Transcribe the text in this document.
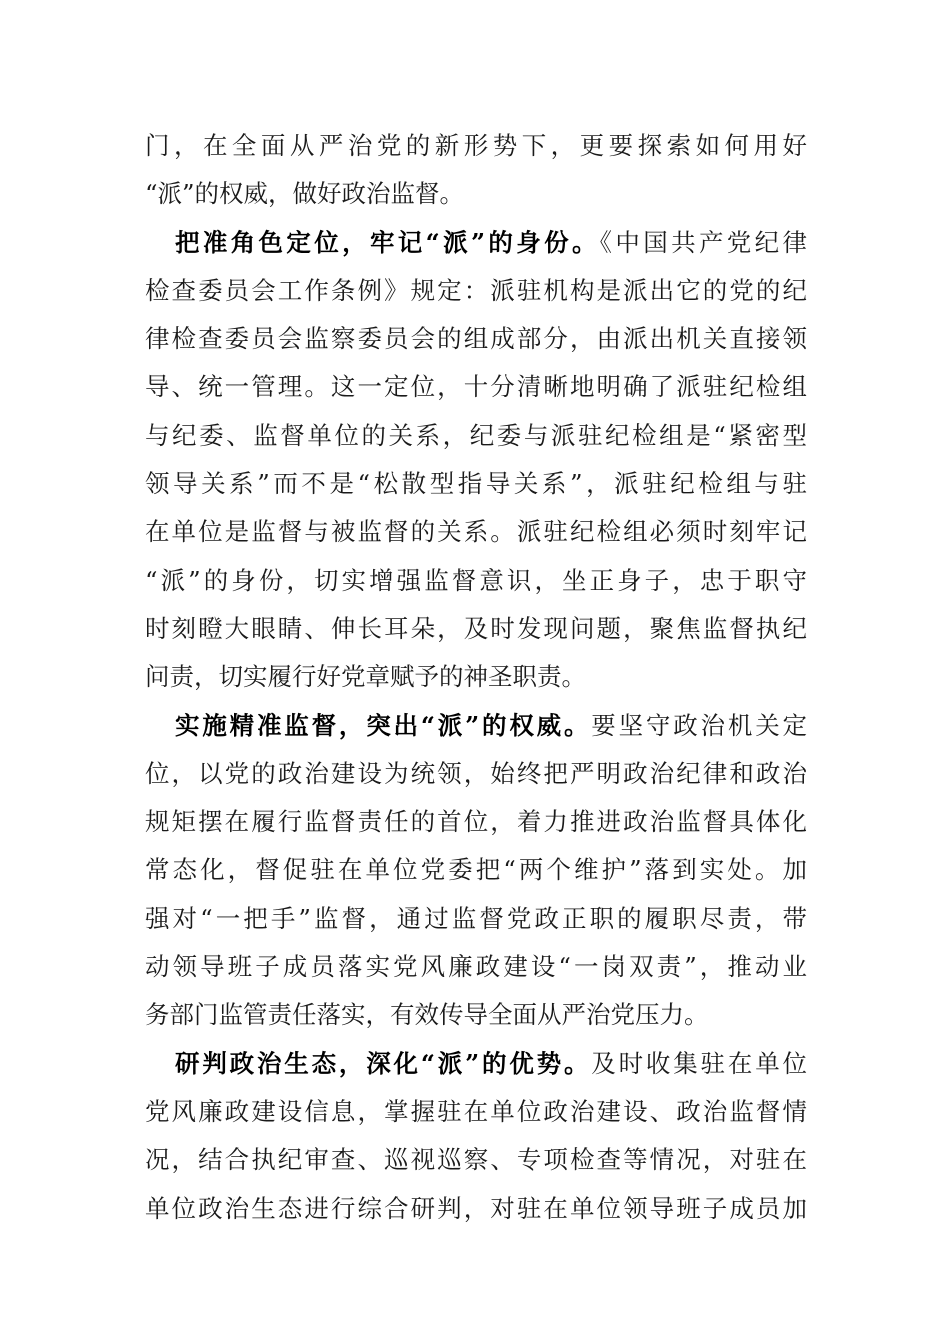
门，在全面从严治党的新形势下，更要探索如何用好
“派”的权威，做好政治监督。
把准角色定位，牢记“派”的身份。《中国共产党纪律
检查委员会工作条例》规定：派驻机构是派出它的党的纪
律检查委员会监察委员会的组成部分，由派出机关直接领
导、统一管理。这一定位，十分清晰地明确了派驻纪检组
与纪委、监督单位的关系，纪委与派驻纪检组是“紧密型
领导关系”而不是“松散型指导关系”，派驻纪检组与驻
在单位是监督与被监督的关系。派驻纪检组必须时刻牢记
“派”的身份，切实增强监督意识，坐正身子，忠于职守
时刻瞪大眼睛、伸长耳朵，及时发现问题，聚焦监督执纪
问责，切实履行好党章赋予的神圣职责。
实施精准监督，突出“派”的权威。要坚守政治机关定
位，以党的政治建设为统领，始终把严明政治纪律和政治
规矩摆在履行监督责任的首位，着力推进政治监督具体化
常态化，督促驻在单位党委把“两个维护”落到实处。加
强对“一把手”监督，通过监督党政正职的履职尽责，带
动领导班子成员落实党风廉政建设“一岗双责”，推动业
务部门监管责任落实，有效传导全面从严治党压力。
研判政治生态，深化“派”的优势。及时收集驻在单位
党风廉政建设信息，掌握驻在单位政治建设、政治监督情
况，结合执纪审查、巡视巡察、专项检查等情况，对驻在
单位政治生态进行综合研判，对驻在单位领导班子成员加
